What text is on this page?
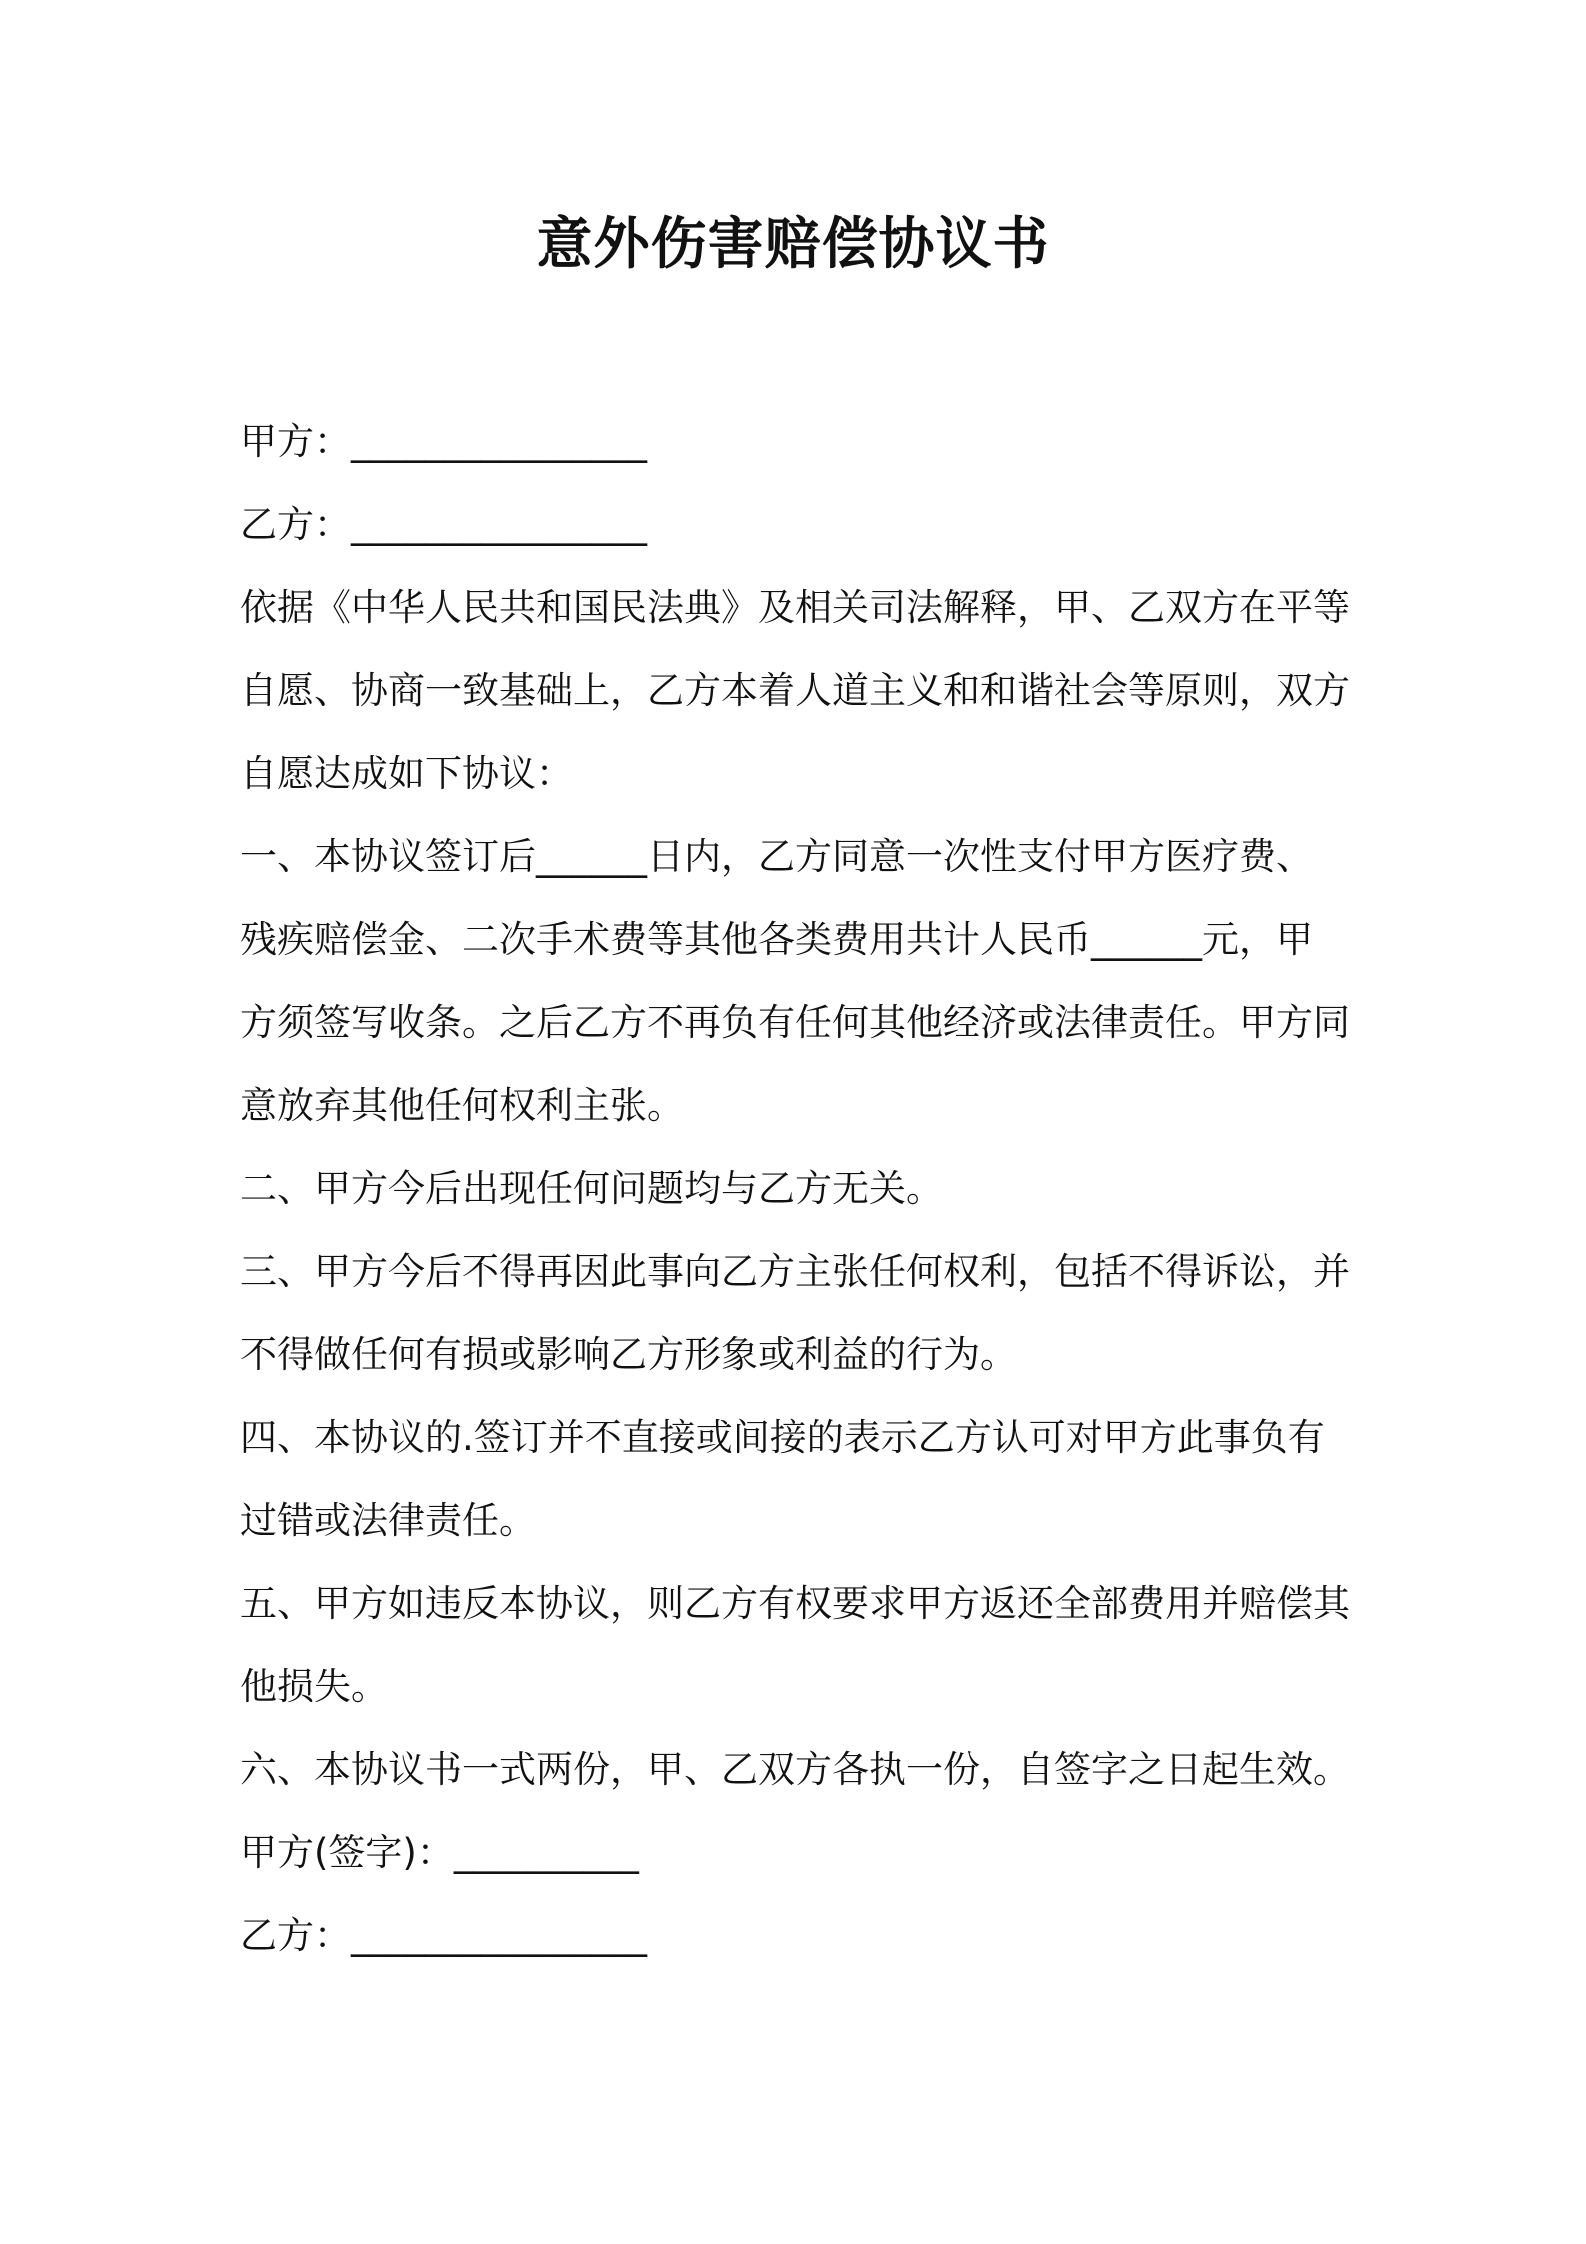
意外伤害赔偿协议书
甲方：________________
乙方：________________
依据《中华人民共和国民法典》及相关司法解释，甲、乙双方在平等
自愿、协商一致基础上，乙方本着人道主义和和谐社会等原则，双方
自愿达成如下协议：
一、本协议签订后______日内，乙方同意一次性支付甲方医疗费、
残疾赔偿金、二次手术费等其他各类费用共计人民币______元，甲
方须签写收条。之后乙方不再负有任何其他经济或法律责任。甲方同
意放弃其他任何权利主张。
二、甲方今后出现任何问题均与乙方无关。
三、甲方今后不得再因此事向乙方主张任何权利，包括不得诉讼，并
不得做任何有损或影响乙方形象或利益的行为。
四、本协议的.签订并不直接或间接的表示乙方认可对甲方此事负有
过错或法律责任。
五、甲方如违反本协议，则乙方有权要求甲方返还全部费用并赔偿其
他损失。
六、本协议书一式两份，甲、乙双方各执一份，自签字之日起生效。
甲方(签字)：__________
乙方：________________
